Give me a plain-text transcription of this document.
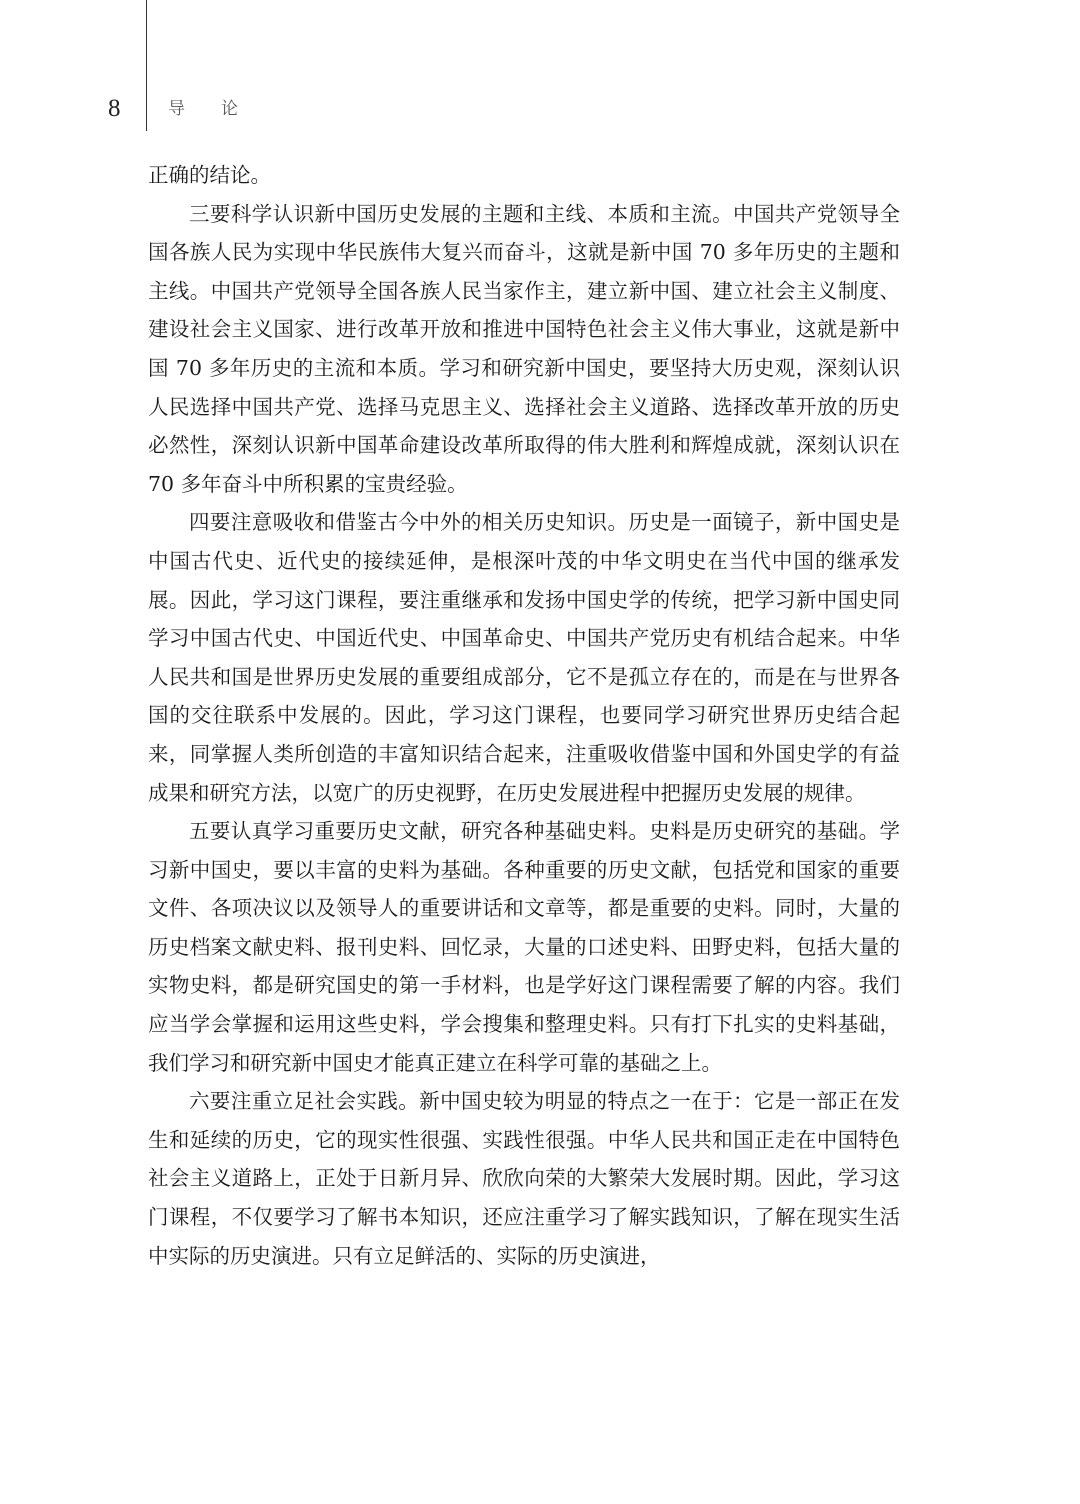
8	导论

正确的结论。

三要科学认识新中国历史发展的主题和主线、本质和主流。中国共产党领导全国各族人民为实现中华民族伟大复兴而奋斗，这就是新中国 70 多年历史的主题和主线。中国共产党领导全国各族人民当家作主，建立新中国、建立社会主义制度、建设社会主义国家、进行改革开放和推进中国特色社会主义伟大事业，这就是新中国 70 多年历史的主流和本质。学习和研究新中国史，要坚持大历史观，深刻认识人民选择中国共产党、选择马克思主义、选择社会主义道路、选择改革开放的历史必然性，深刻认识新中国革命建设改革所取得的伟大胜利和辉煌成就，深刻认识在 70 多年奋斗中所积累的宝贵经验。

四要注意吸收和借鉴古今中外的相关历史知识。历史是一面镜子，新中国史是中国古代史、近代史的接续延伸，是根深叶茂的中华文明史在当代中国的继承发展。因此，学习这门课程，要注重继承和发扬中国史学的传统，把学习新中国史同学习中国古代史、中国近代史、中国革命史、中国共产党历史有机结合起来。中华人民共和国是世界历史发展的重要组成部分，它不是孤立存在的，而是在与世界各国的交往联系中发展的。因此，学习这门课程，也要同学习研究世界历史结合起来，同掌握人类所创造的丰富知识结合起来，注重吸收借鉴中国和外国史学的有益成果和研究方法，以宽广的历史视野，在历史发展进程中把握历史发展的规律。

五要认真学习重要历史文献，研究各种基础史料。史料是历史研究的基础。学习新中国史，要以丰富的史料为基础。各种重要的历史文献，包括党和国家的重要文件、各项决议以及领导人的重要讲话和文章等，都是重要的史料。同时，大量的历史档案文献史料、报刊史料、回忆录，大量的口述史料、田野史料，包括大量的实物史料，都是研究国史的第一手材料，也是学好这门课程需要了解的内容。我们应当学会掌握和运用这些史料，学会搜集和整理史料。只有打下扎实的史料基础，我们学习和研究新中国史才能真正建立在科学可靠的基础之上。

六要注重立足社会实践。新中国史较为明显的特点之一在于：它是一部正在发生和延续的历史，它的现实性很强、实践性很强。中华人民共和国正走在中国特色社会主义道路上，正处于日新月异、欣欣向荣的大繁荣大发展时期。因此，学习这门课程，不仅要学习了解书本知识，还应注重学习了解实践知识，了解在现实生活中实际的历史演进。只有立足鲜活的、实际的历史演进，
